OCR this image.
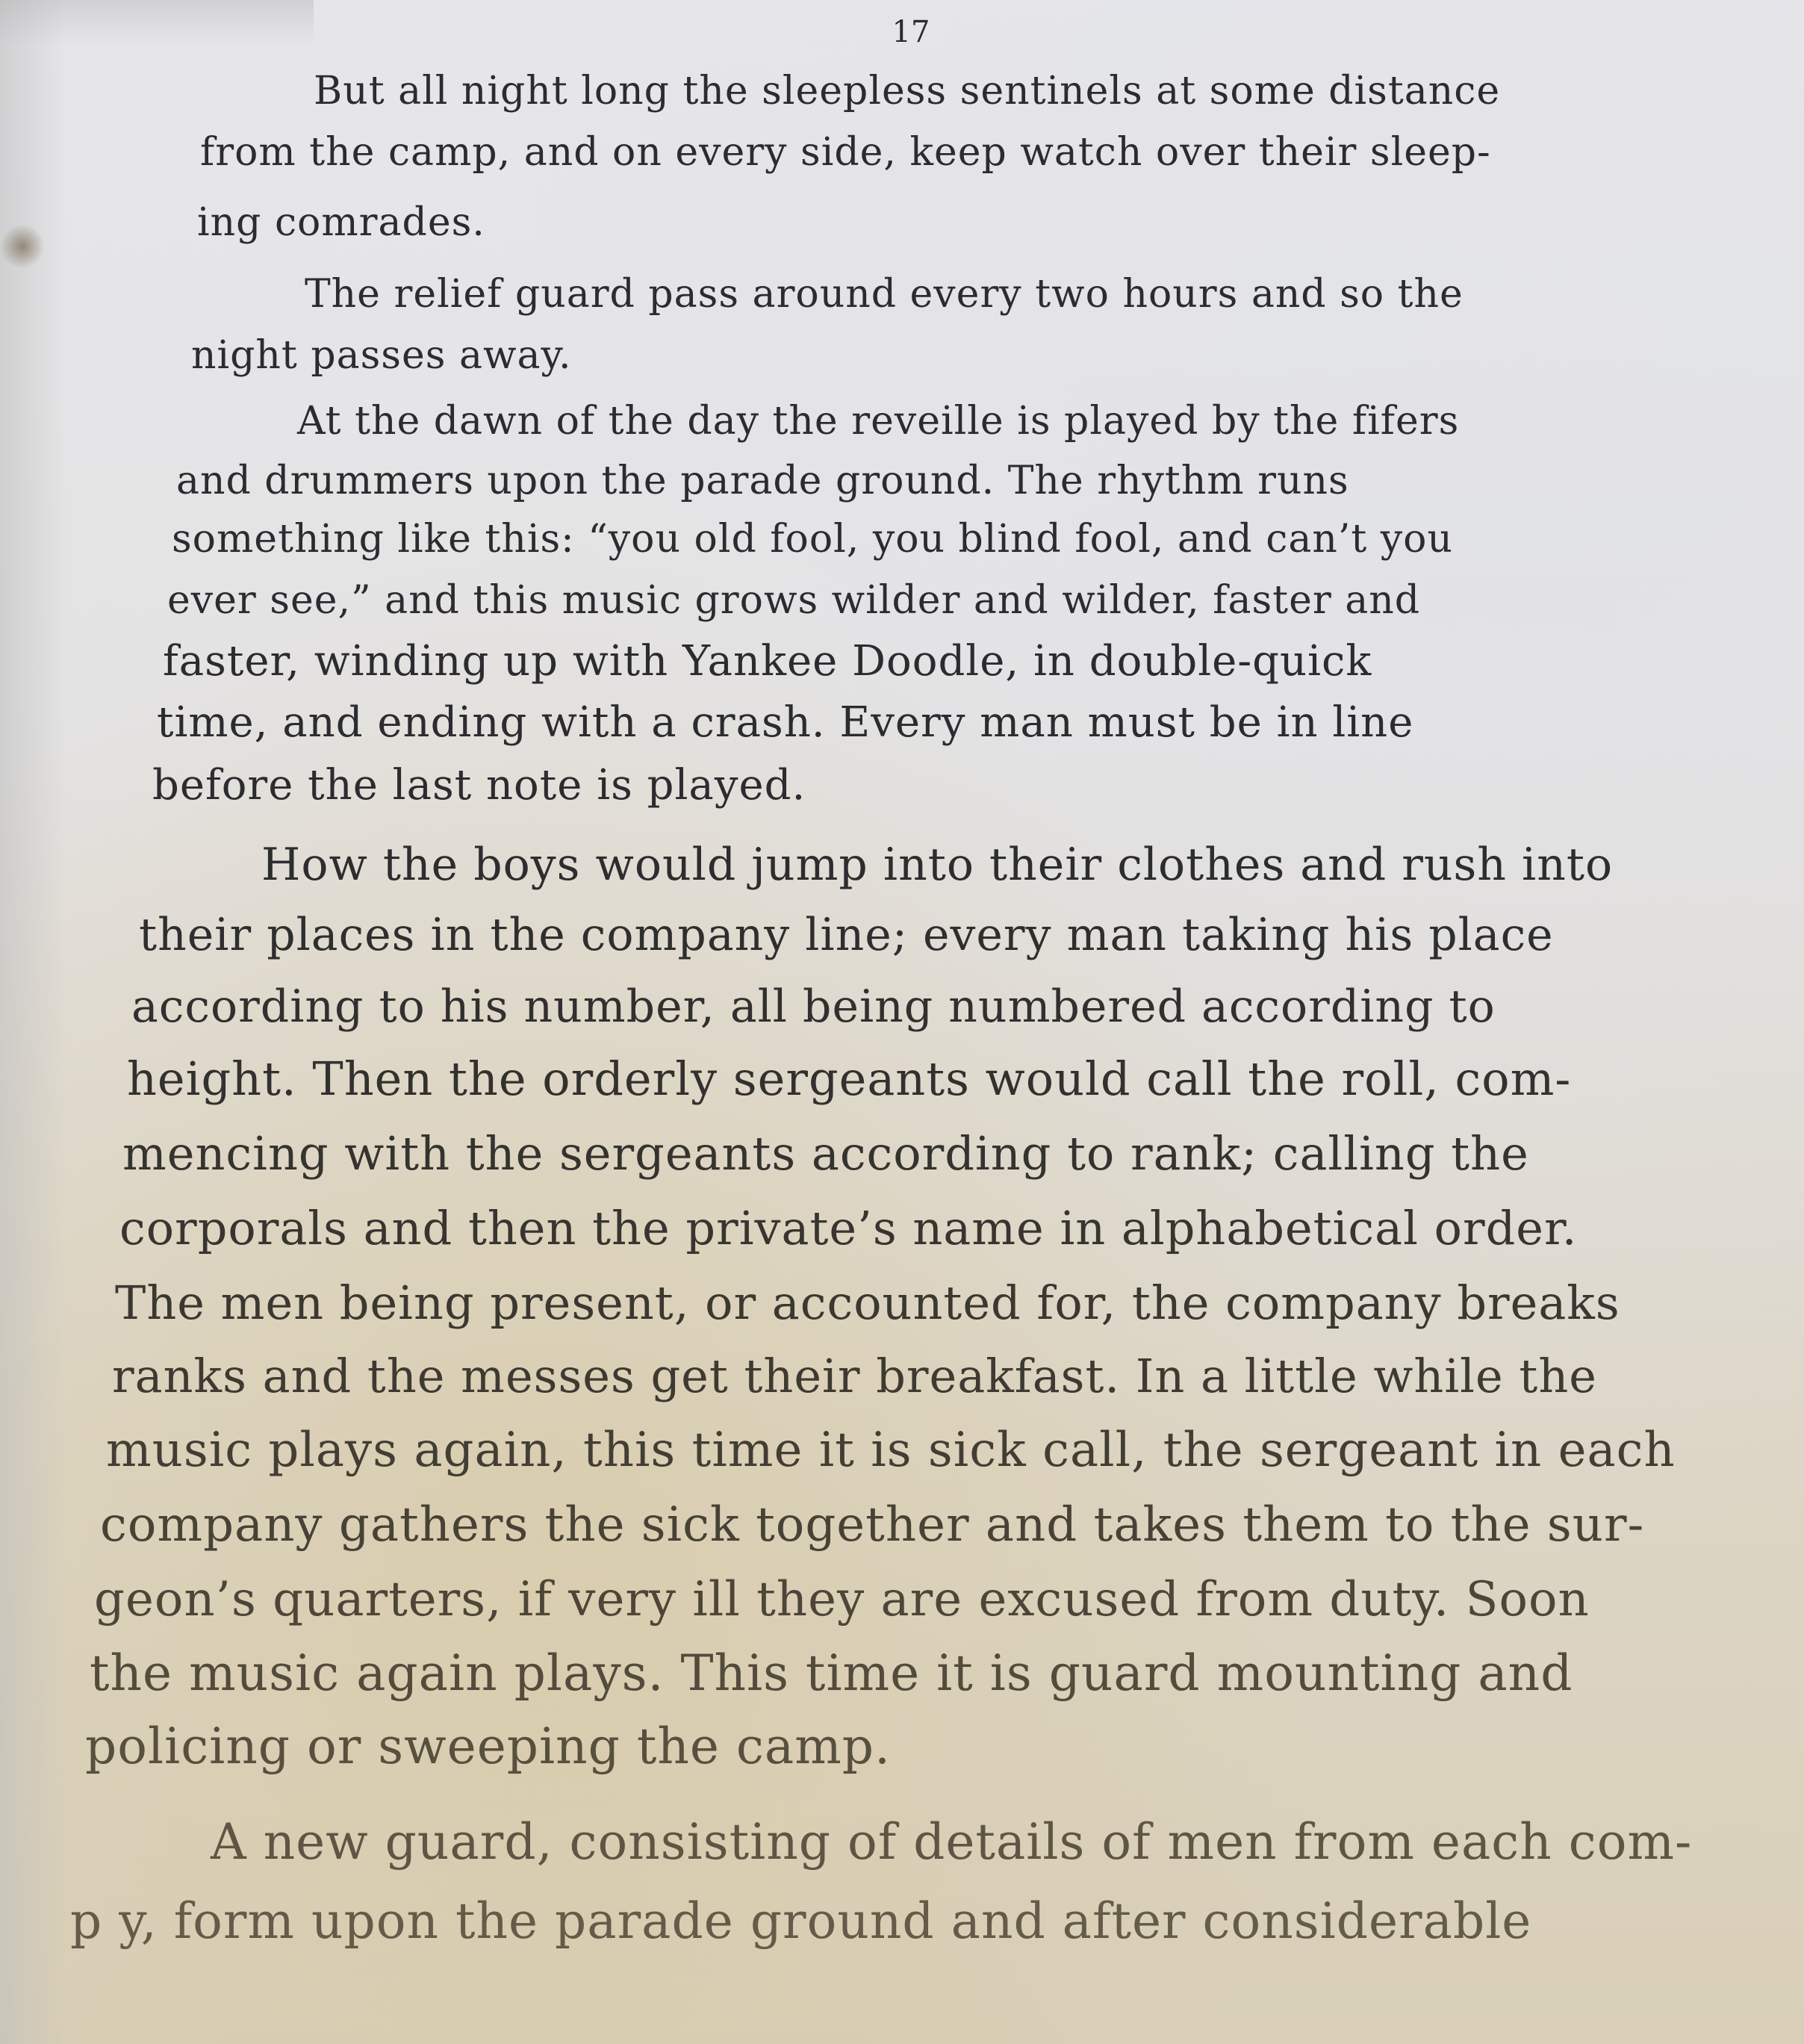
17
But all night long the sleepless sentinels at some distance
from the camp, and on every side, keep watch over their sleep-
ing comrades.
The relief guard pass around every two hours and so the
night passes away.
At the dawn of the day the reveille is played by the fifers
and drummers upon the parade ground. The rhythm runs
something like this: “you old fool, you blind fool, and can’t you
ever see,” and this music grows wilder and wilder, faster and
faster, winding up with Yankee Doodle, in double-quick
time, and ending with a crash. Every man must be in line
before the last note is played.
How the boys would jump into their clothes and rush into
their places in the company line; every man taking his place
according to his number, all being numbered according to
height. Then the orderly sergeants would call the roll, com-
mencing with the sergeants according to rank; calling the
corporals and then the private’s name in alphabetical order.
The men being present, or accounted for, the company breaks
ranks and the messes get their breakfast. In a little while the
music plays again, this time it is sick call, the sergeant in each
company gathers the sick together and takes them to the sur-
geon’s quarters, if very ill they are excused from duty. Soon
the music again plays. This time it is guard mounting and
policing or sweeping the camp.
A new guard, consisting of details of men from each com-
p y, form upon the parade ground and after considerable
